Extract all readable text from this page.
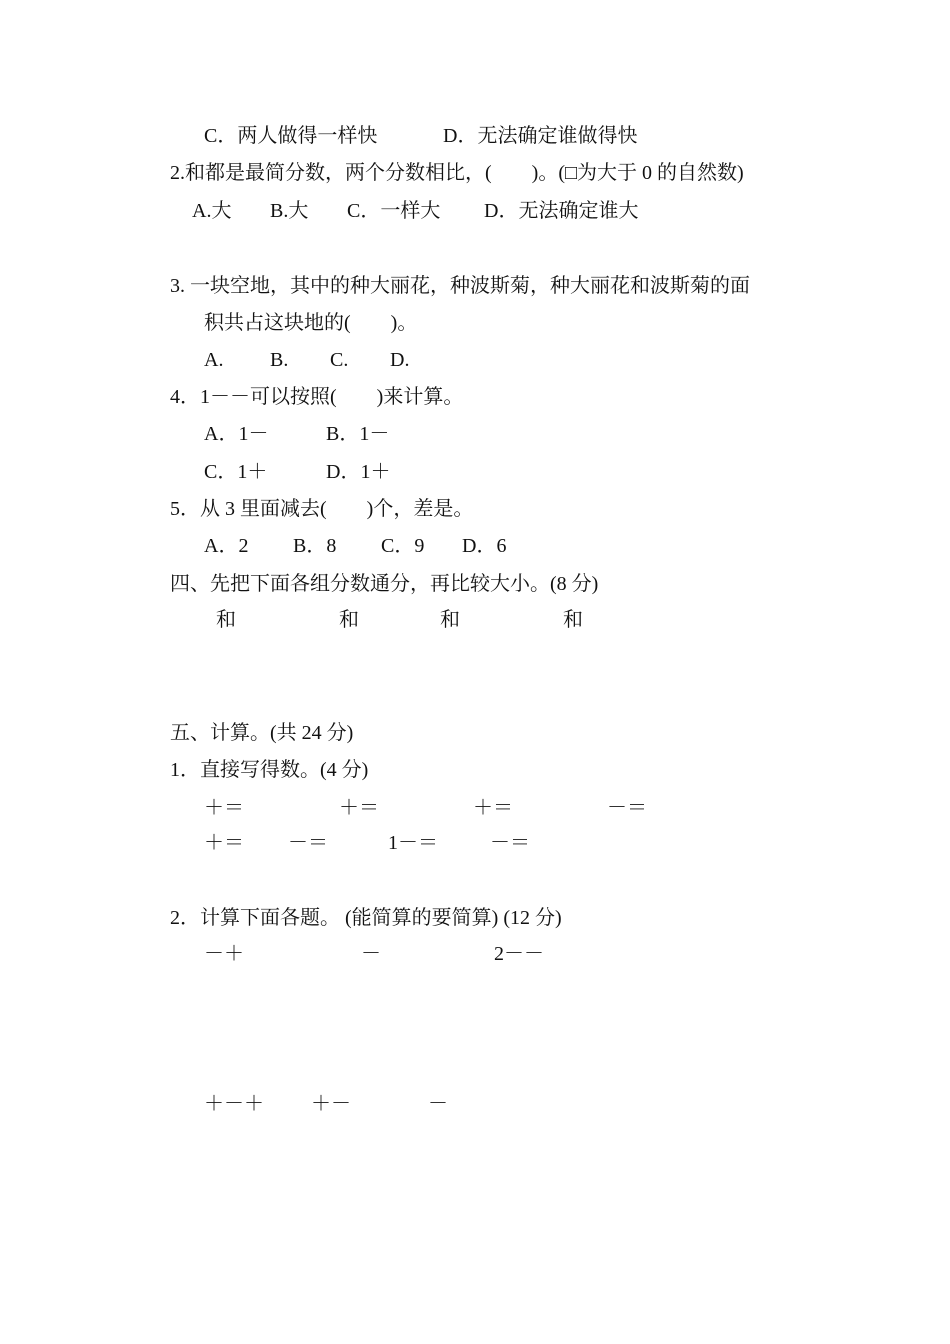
C．两人做得一样快

	D．无法确定谁做得快

2.和都是最简分数，两个分数相比，(　　)。(□为大于 0 的自然数)

A.大

B.大

C．一样大

D．无法确定谁大

3. 一块空地，其中的种大丽花，种波斯菊，种大丽花和波斯菊的面
积共占这块地的(　　)。

A.

B.

C.

D.

4．1－－可以按照(　　)来计算。

A．1－

	B．1－

C．1＋

	D．1＋

5．从 3 里面减去(　　)个，差是。

A．2

B．8

C．9

D．6

四、先把下面各组分数通分，再比较大小。(8 分)

和

	和

	和

	和

五、计算。(共 24 分)
1．直接写得数。(4 分)

＋＝

	＋＝

	＋＝

	－＝

＋＝

－＝

	1－＝

	－＝

2．计算下面各题。 (能简算的要简算) (12 分)

－＋

	－

	2－－

＋－＋

＋－

	－
